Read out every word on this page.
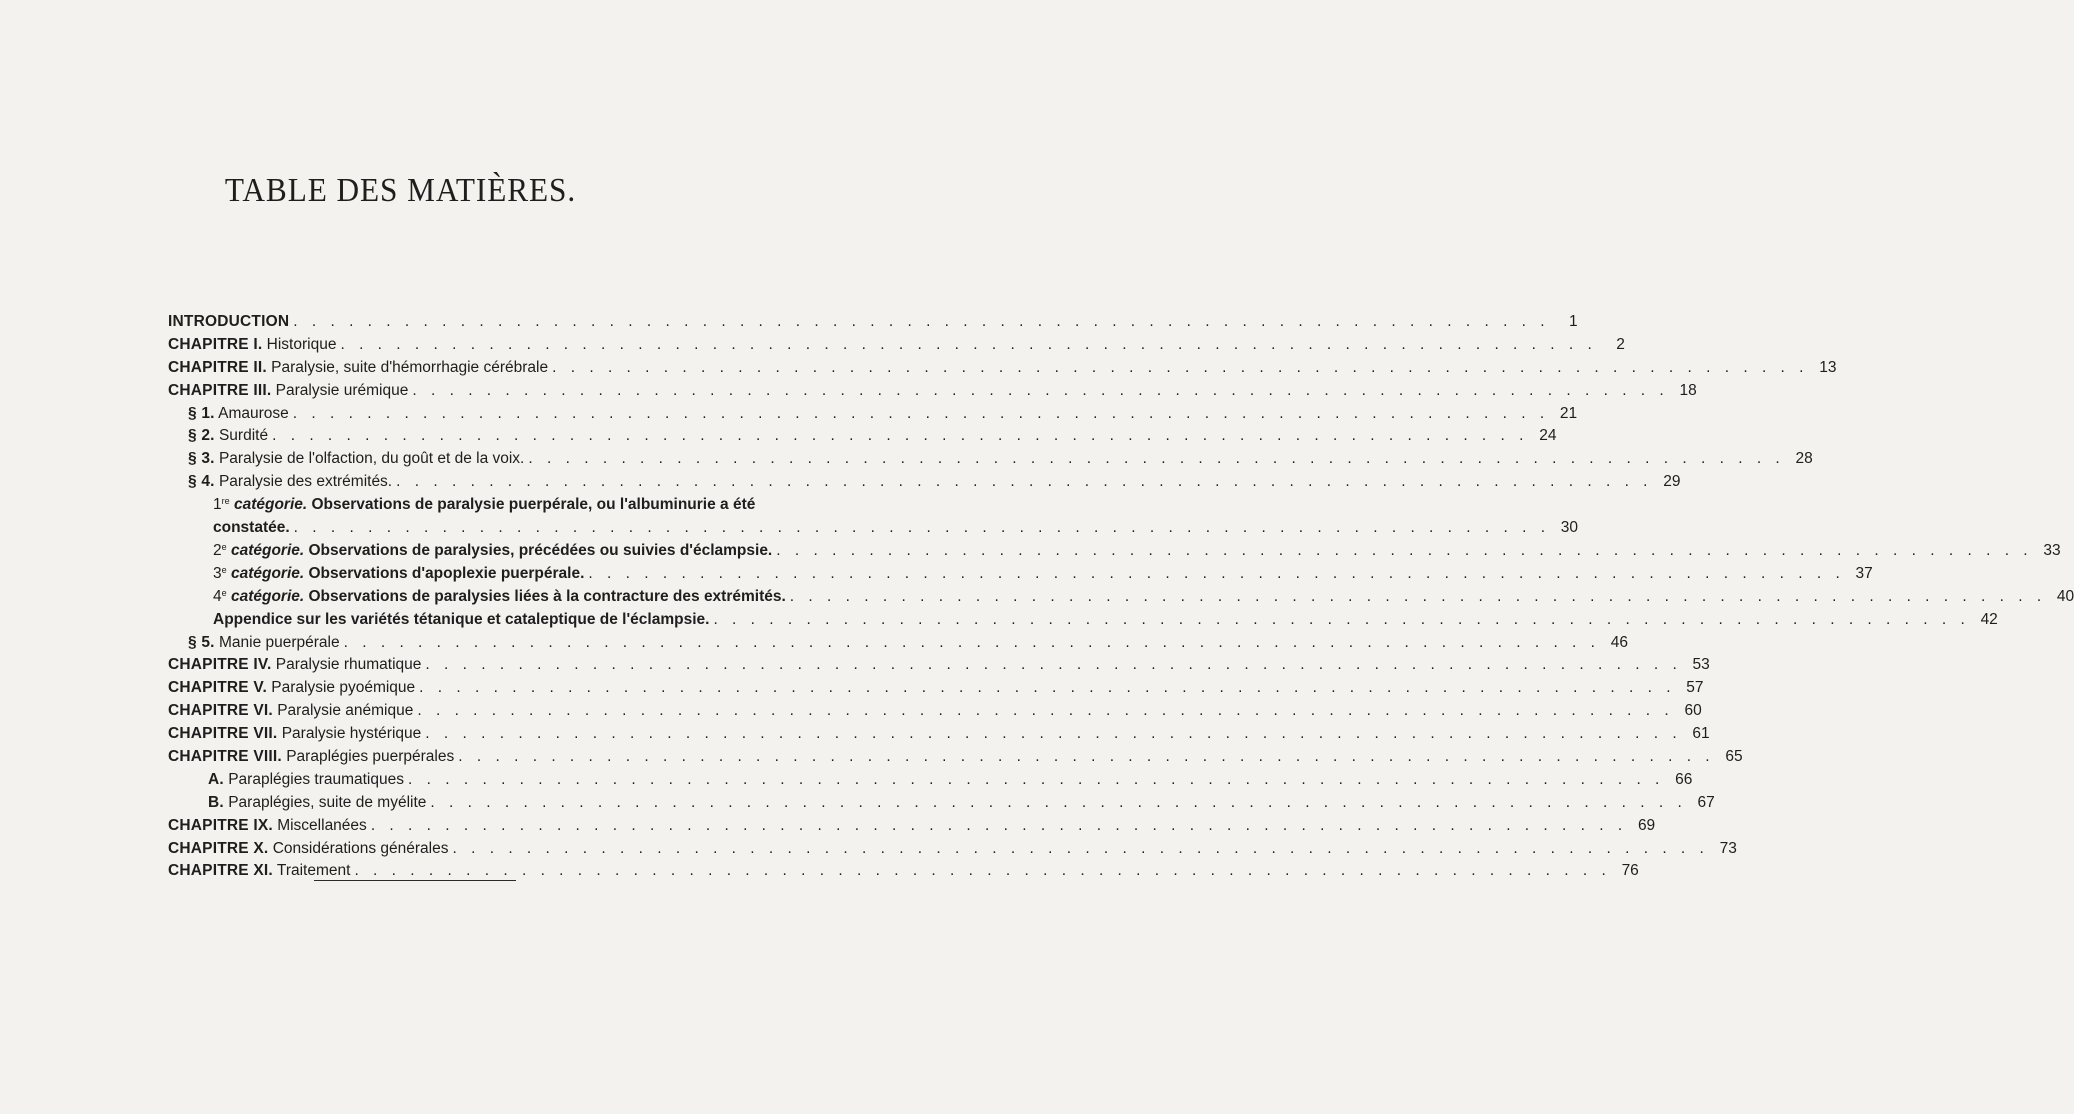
TABLE DES MATIÈRES.
INTRODUCTION . . .	1
CHAPITRE I. Historique . . .	2
CHAPITRE II. Paralysie, suite d'hémorrhagie cérébrale . . .	13
CHAPITRE III. Paralysie urémique . . .	18
§ 1. Amaurose . . .	21
§ 2. Surdité . . .	24
§ 3. Paralysie de l'olfaction, du goût et de la voix. . . .	28
§ 4. Paralysie des extrémités. . . .	29
1re catégorie. Observations de paralysie puerpérale, ou l'albuminurie a été
constatée. . . .	30
2e catégorie. Observations de paralysies, précédées ou suivies d'éclampsie. . . .	33
3e catégorie. Observations d'apoplexie puerpérale. . . .	37
4e catégorie. Observations de paralysies liées à la contracture des extrémités. . . .	40
Appendice sur les variétés tétanique et cataleptique de l'éclampsie. . . .	42
§ 5. Manie puerpérale . . .	46
CHAPITRE IV. Paralysie rhumatique . . .	53
CHAPITRE V. Paralysie pyoémique . . .	57
CHAPITRE VI. Paralysie anémique . . .	60
CHAPITRE VII. Paralysie hystérique . . .	61
CHAPITRE VIII. Paraplégies puerpérales . . .	65
A. Paraplégies traumatiques . . .	66
B. Paraplégies, suite de myélite . . .	67
CHAPITRE IX. Miscellanées . . .	69
CHAPITRE X. Considérations générales . . .	73
CHAPITRE XI. Traitement . . .	76
